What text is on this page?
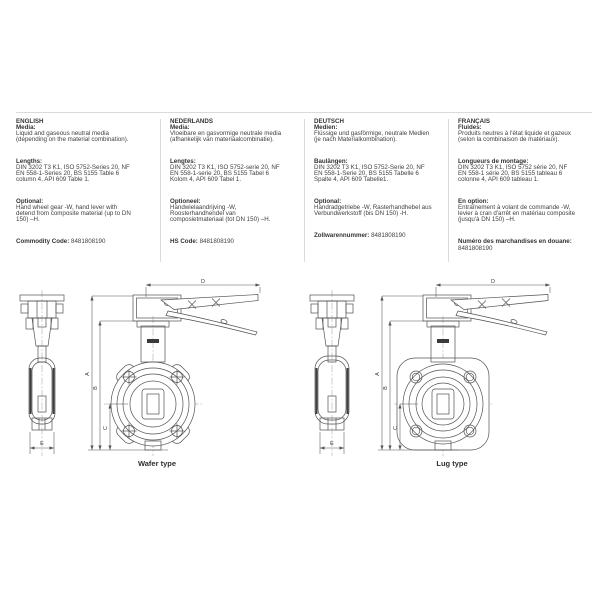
ENGLISH
Media:
Liquid and gaseous neutral media
(depending on the material combination).
Lengths:
DIN 3202 T3 K1, ISO 5752-Series 20, NF
EN 558-1-Series 20, BS 5155 Table 6
column 4, API 609 Table 1.
Optional:
Hand wheel gear -W, hand lever with
detend from composite material (up to DN
150) –H.
Commodity Code: 8481808190
NEDERLANDS
Media:
Vloeibare en gasvormige neutrale media
(afhankelijk van materiaalcombinatie).
Lengtes:
DIN 3202 T3 K1, ISO 5752-serie 20, NF
EN 558-1-serie 20, BS 5155 Tabel 6
Kolom 4, API 609 Tabel 1.
Optioneel:
Handwielaandrijving -W,
Roosterhandhendel van
composietmateriaal (tot DN 150) –H.
HS Code: 8481808190
DEUTSCH
Medien:
Flüssige und gasförmige, neutrale Medien
(je nach Materialkombination).
Baulängen:
DIN 3202 T3 K1, ISO 5752-Serie 20, NF
EN 558-1-Serie 20, BS 5155 Tabelle 6
Spalte 4, API 609 Tabelle1.
Optional:
Handradgetriebe -W, Rasterhandhebel aus
Verbundwerkstoff (bis DN 150) -H.
Zollwarennummer: 8481808190
FRANÇAIS
Fluides:
Produits neutres à l'état liquide et gazeux
(selon la combinaison de matériaux).
Longueurs de montage:
DIN 3202 T3 K1, ISO 5752 série 20, NF
EN 558-1 série 20, BS 5155 tableau 6
colonne 4, API 609 tableau 1.
En option:
Entraînement à volant de commande -W,
levier à cran d'arrêt en matériau composite
(jusqu'à DN 150) –H.
Numéro des marchandises en douane: 8481808190
E
D
A
B
C
E
D
A
B
C
Wafer type	Lug type
